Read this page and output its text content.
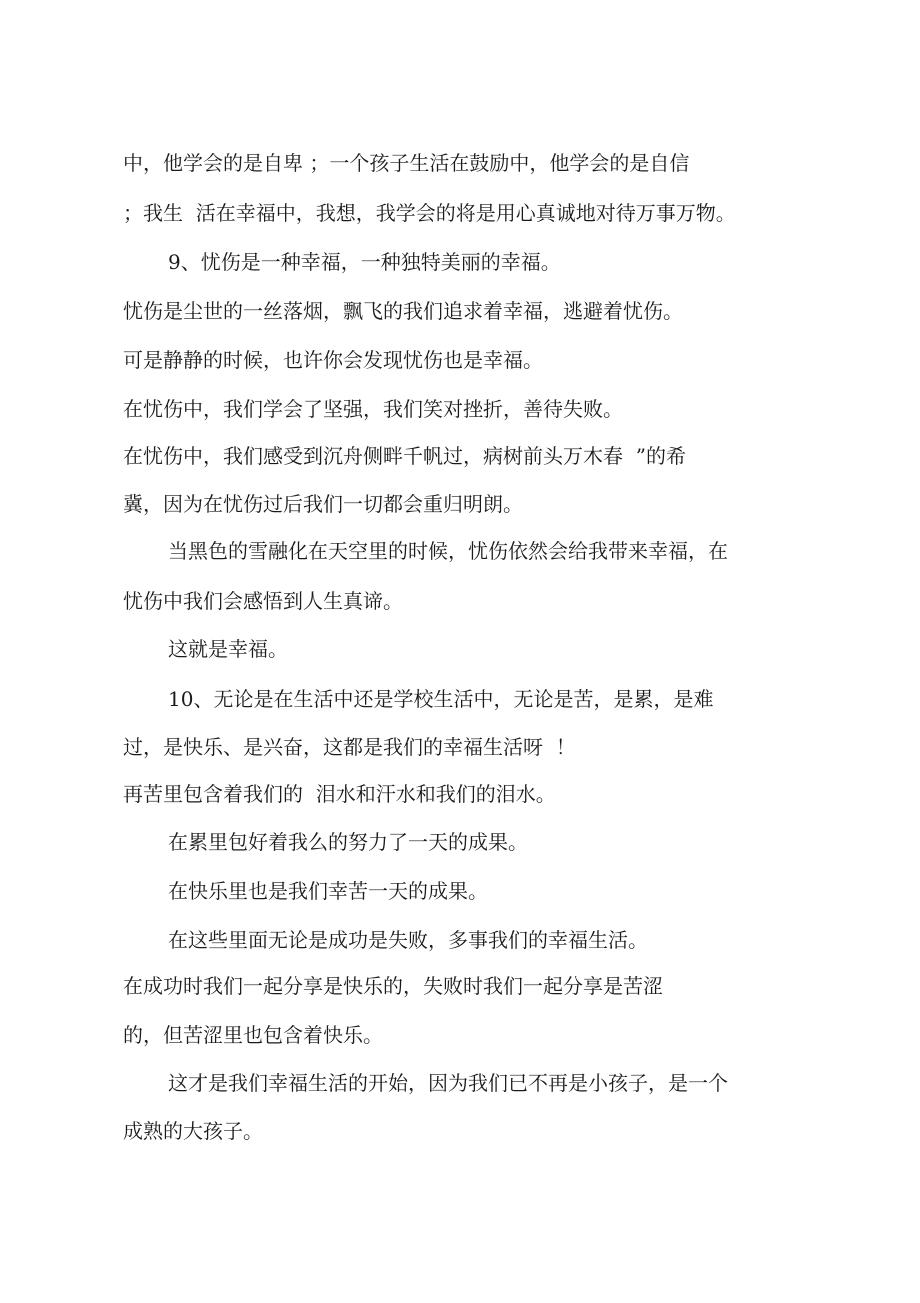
中，他学会的是自卑 ；一个孩子生活在鼓励中，他学会的是自信

；我生  活在幸福中，我想，我学会的将是用心真诚地对待万事万物。

9、忧伤是一种幸福，一种独特美丽的幸福。

忧伤是尘世的一丝落烟，飘飞的我们追求着幸福，逃避着忧伤。

可是静静的时候，也许你会发现忧伤也是幸福。

在忧伤中，我们学会了坚强，我们笑对挫折，善待失败。

在忧伤中，我们感受到沉舟侧畔千帆过，病树前头万木春  ”的希

冀，因为在忧伤过后我们一切都会重归明朗。

当黑色的雪融化在天空里的时候，忧伤依然会给我带来幸福，在

忧伤中我们会感悟到人生真谛。

这就是幸福。

10、无论是在生活中还是学校生活中，无论是苦，是累，是难

过，是快乐、是兴奋，这都是我们的幸福生活呀  ！

再苦里包含着我们的  泪水和汗水和我们的泪水。

在累里包好着我么的努力了一天的成果。

在快乐里也是我们幸苦一天的成果。

在这些里面无论是成功是失败，多事我们的幸福生活。

在成功时我们一起分享是快乐的，失败时我们一起分享是苦涩

的，但苦涩里也包含着快乐。

这才是我们幸福生活的开始，因为我们已不再是小孩子，是一个

成熟的大孩子。
